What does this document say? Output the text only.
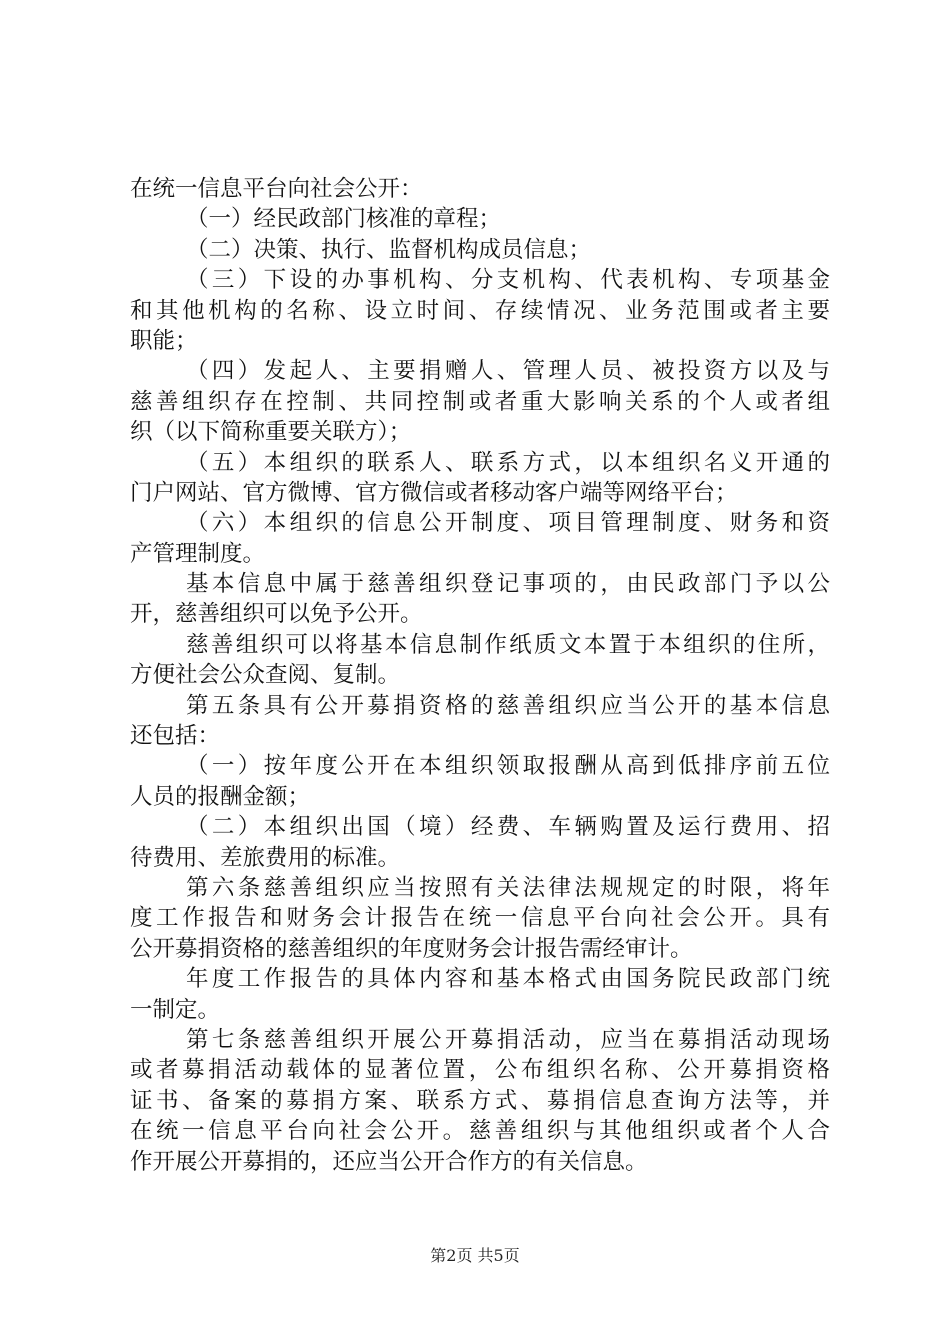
在统一信息平台向社会公开：
（一）经民政部门核准的章程；
（二）决策、执行、监督机构成员信息；
（三）下设的办事机构、分支机构、代表机构、专项基金
和其他机构的名称、设立时间、存续情况、业务范围或者主要
职能；
（四）发起人、主要捐赠人、管理人员、被投资方以及与
慈善组织存在控制、共同控制或者重大影响关系的个人或者组
织（以下简称重要关联方）；
（五）本组织的联系人、联系方式，以本组织名义开通的
门户网站、官方微博、官方微信或者移动客户端等网络平台；
（六）本组织的信息公开制度、项目管理制度、财务和资
产管理制度。
基本信息中属于慈善组织登记事项的，由民政部门予以公
开，慈善组织可以免予公开。
慈善组织可以将基本信息制作纸质文本置于本组织的住所，
方便社会公众查阅、复制。
第五条具有公开募捐资格的慈善组织应当公开的基本信息
还包括：
（一）按年度公开在本组织领取报酬从高到低排序前五位
人员的报酬金额；
（二）本组织出国（境）经费、车辆购置及运行费用、招
待费用、差旅费用的标准。
第六条慈善组织应当按照有关法律法规规定的时限，将年
度工作报告和财务会计报告在统一信息平台向社会公开。具有
公开募捐资格的慈善组织的年度财务会计报告需经审计。
年度工作报告的具体内容和基本格式由国务院民政部门统
一制定。
第七条慈善组织开展公开募捐活动，应当在募捐活动现场
或者募捐活动载体的显著位置，公布组织名称、公开募捐资格
证书、备案的募捐方案、联系方式、募捐信息查询方法等，并
在统一信息平台向社会公开。慈善组织与其他组织或者个人合
作开展公开募捐的，还应当公开合作方的有关信息。
第2页 共5页
